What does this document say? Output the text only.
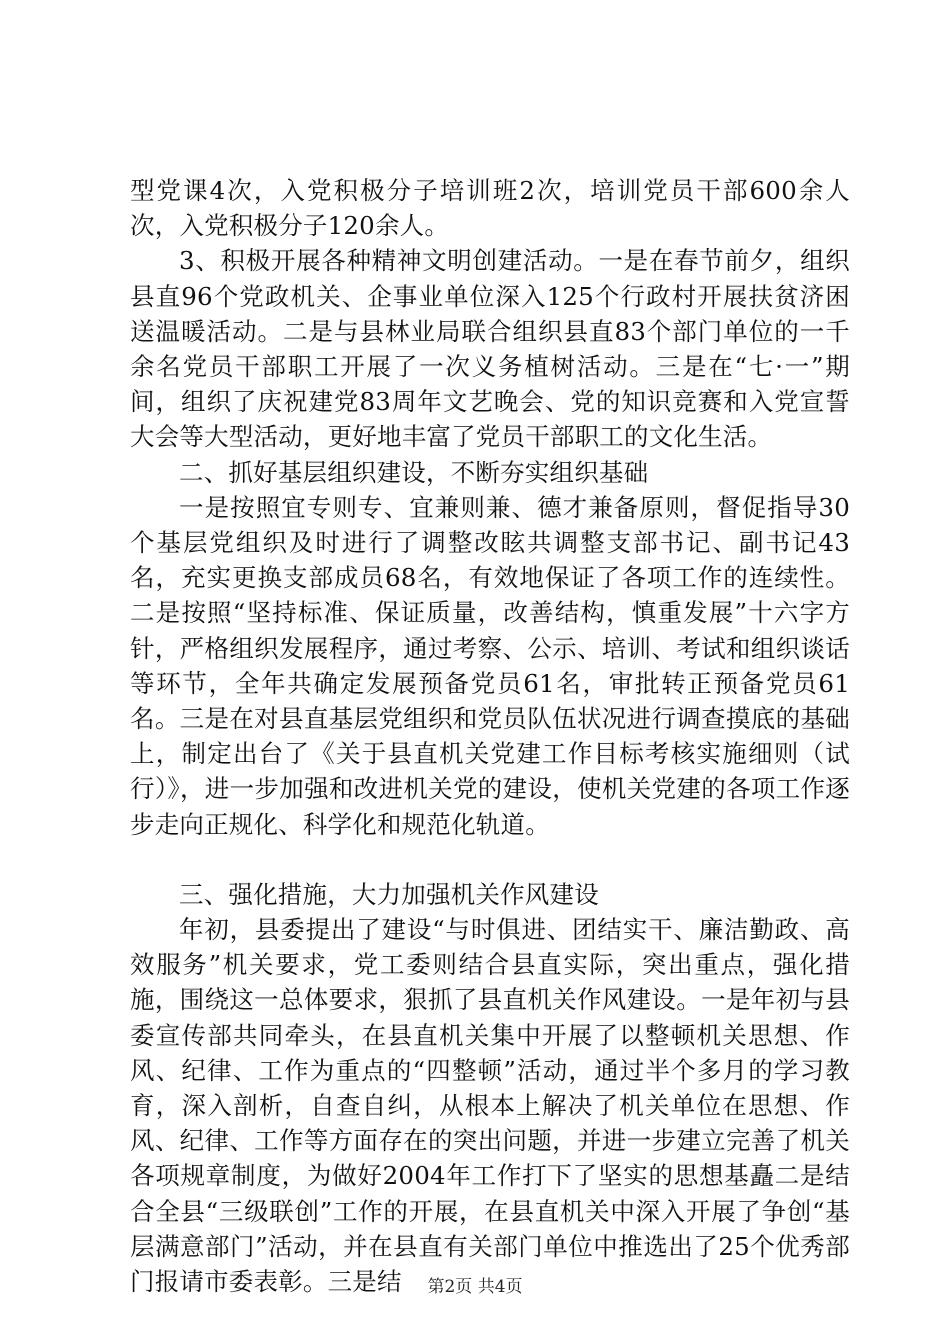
型党课4次，入党积极分子培训班2次，培训党员干部600余人次，入党积极分子120余人。

3、积极开展各种精神文明创建活动。一是在春节前夕，组织县直96个党政机关、企事业单位深入125个行政村开展扶贫济困送温暖活动。二是与县林业局联合组织县直83个部门单位的一千余名党员干部职工开展了一次义务植树活动。三是在“七·一”期间，组织了庆祝建党83周年文艺晚会、党的知识竞赛和入党宣誓大会等大型活动，更好地丰富了党员干部职工的文化生活。

二、抓好基层组织建设，不断夯实组织基础

一是按照宜专则专、宜兼则兼、德才兼备原则，督促指导30个基层党组织及时进行了调整改眩共调整支部书记、副书记43名，充实更换支部成员68名，有效地保证了各项工作的连续性。二是按照“坚持标准、保证质量，改善结构，慎重发展”十六字方针，严格组织发展程序，通过考察、公示、培训、考试和组织谈话等环节，全年共确定发展预备党员61名，审批转正预备党员61名。三是在对县直基层党组织和党员队伍状况进行调查摸底的基础上，制定出台了《关于县直机关党建工作目标考核实施细则（试行）》，进一步加强和改进机关党的建设，使机关党建的各项工作逐步走向正规化、科学化和规范化轨道。

三、强化措施，大力加强机关作风建设

年初，县委提出了建设“与时俱进、团结实干、廉洁勤政、高效服务”机关要求，党工委则结合县直实际，突出重点，强化措施，围绕这一总体要求，狠抓了县直机关作风建设。一是年初与县委宣传部共同牵头，在县直机关集中开展了以整顿机关思想、作风、纪律、工作为重点的“四整顿”活动，通过半个多月的学习教育，深入剖析，自查自纠，从根本上解决了机关单位在思想、作风、纪律、工作等方面存在的突出问题，并进一步建立完善了机关各项规章制度，为做好2004年工作打下了坚实的思想基矗二是结合全县“三级联创”工作的开展，在县直机关中深入开展了争创“基层满意部门”活动，并在县直有关部门单位中推选出了25个优秀部门报请市委表彰。三是结	第2页 共4页
